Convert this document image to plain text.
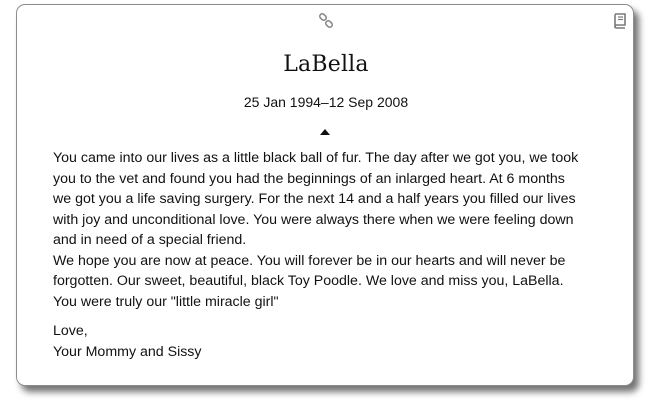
LaBella
25 Jan 1994–12 Sep 2008

You came into our lives as a little black ball of fur. The day after we got you, we took

you to the vet and found you had the beginnings of an inlarged heart. At 6 months

we got you a life saving surgery. For the next 14 and a half years you filled our lives

with joy and unconditional love. You were always there when we were feeling down

and in need of a special friend.

We hope you are now at peace. You will forever be in our hearts and will never be

forgotten. Our sweet, beautiful, black Toy Poodle. We love and miss you, LaBella.

You were truly our "little miracle girl"

Love,
Your Mommy and Sissy
